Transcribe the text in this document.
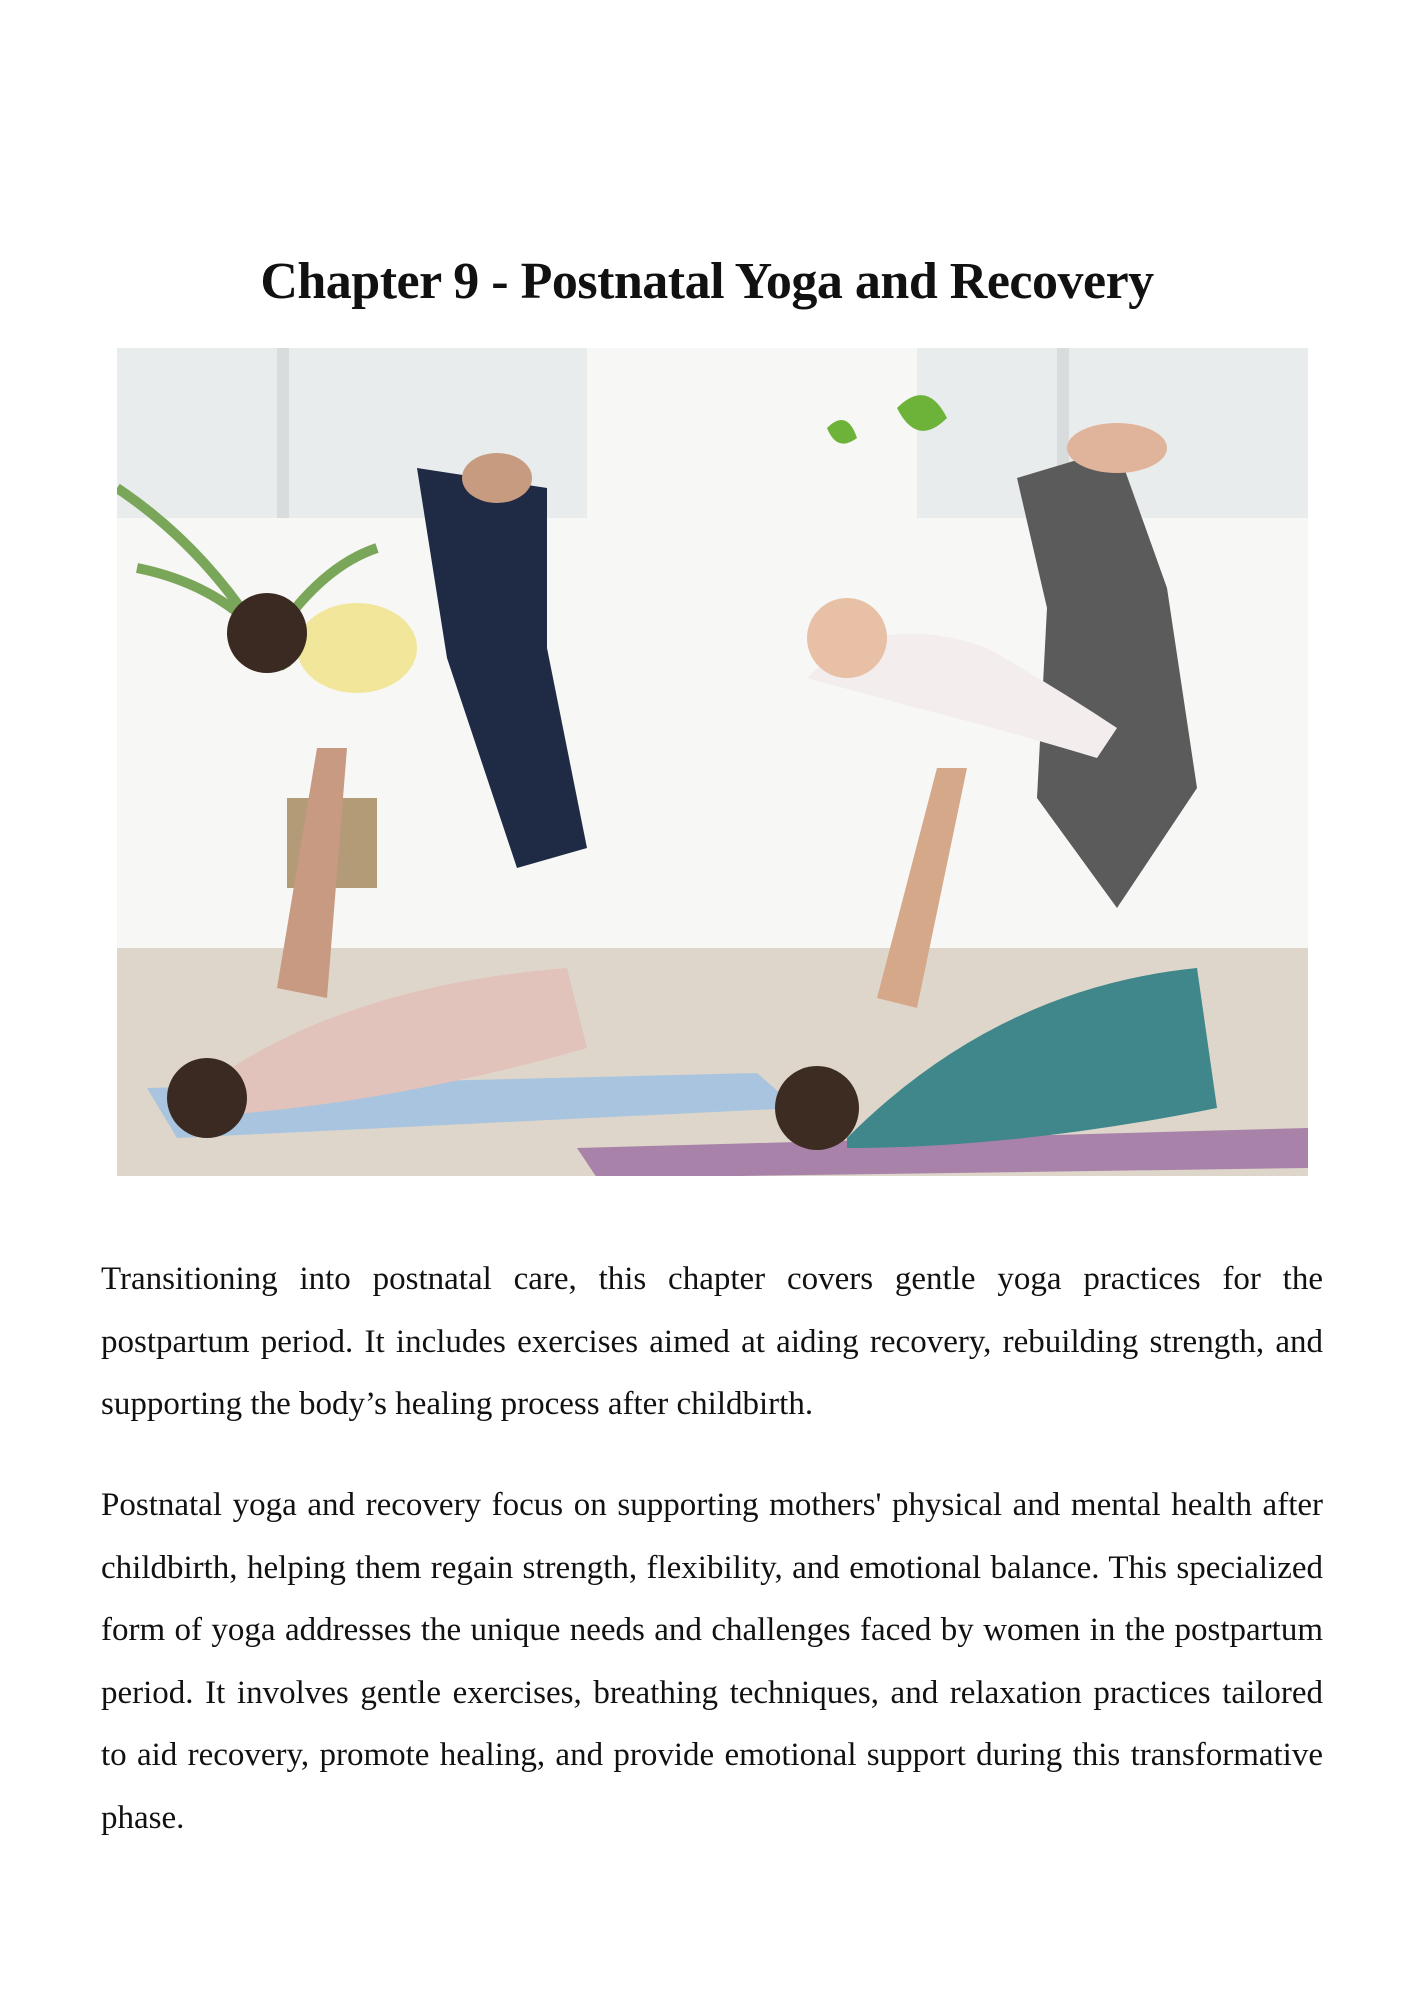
Chapter 9 - Postnatal Yoga and Recovery

Transitioning into postnatal care, this chapter covers gentle yoga practices for the postpartum period. It includes exercises aimed at aiding recovery, rebuilding strength, and supporting the body’s healing process after childbirth.

Postnatal yoga and recovery focus on supporting mothers' physical and mental health after childbirth, helping them regain strength, flexibility, and emotional balance. This specialized form of yoga addresses the unique needs and challenges faced by women in the postpartum period. It involves gentle exercises, breathing techniques, and relaxation practices tailored to aid recovery, promote healing, and provide emotional support during this transformative phase.
